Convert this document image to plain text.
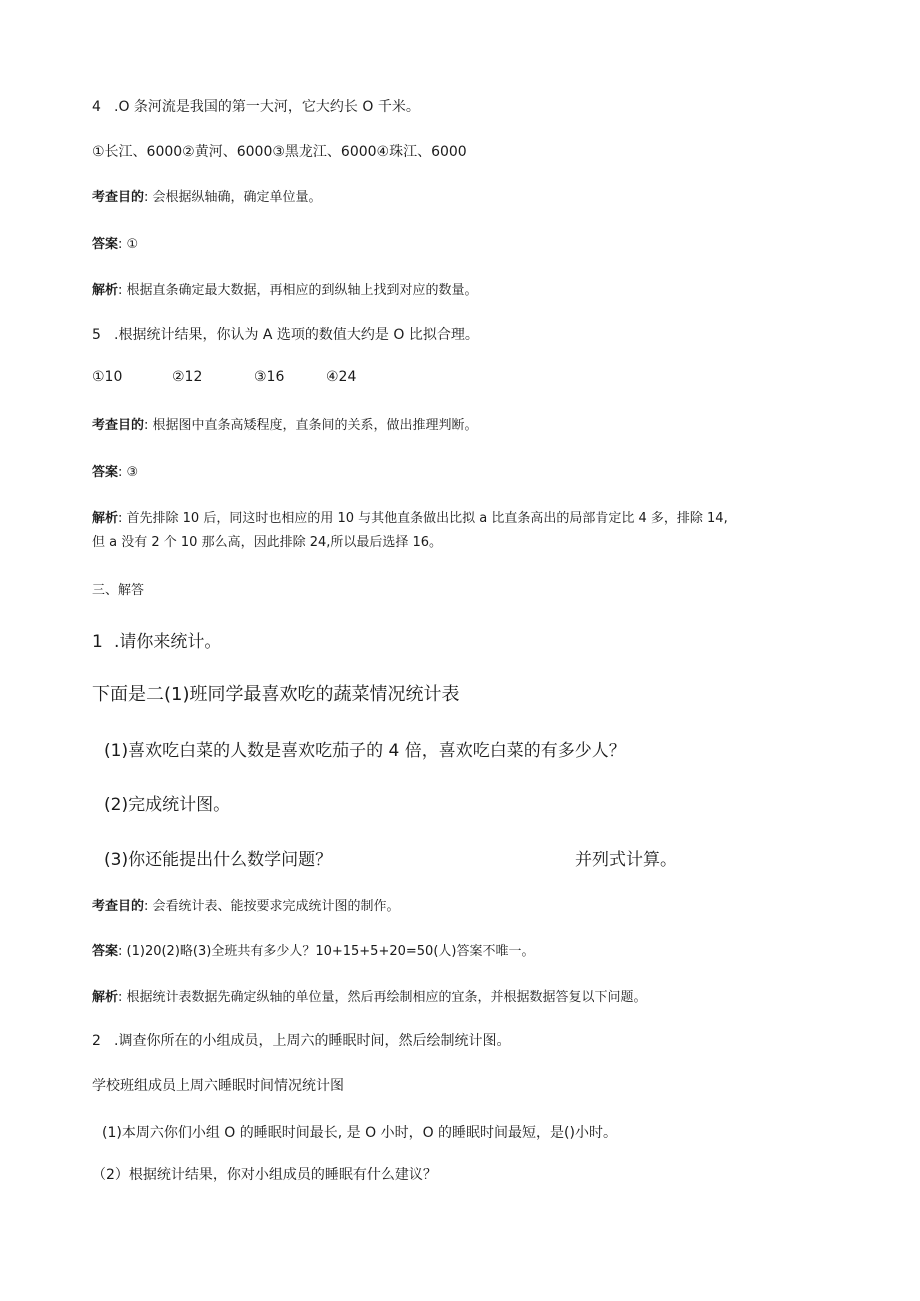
4 .O 条河流是我国的第一大河，它大约长 O 千米。
①长江、6000②黄河、6000③黑龙江、6000④珠江、6000
考查目的: 会根据纵轴确，确定单位量。
答案: ①
解析: 根据直条确定最大数据，再相应的到纵轴上找到对应的数量。
5 .根据统计结果，你认为 A 选项的数值大约是 O 比拟合理。
①10	②12	③16	④24
考查目的: 根据图中直条高矮程度，直条间的关系，做出推理判断。
答案: ③
解析: 首先排除 10 后，同这时也相应的用 10 与其他直条做出比拟 a 比直条高出的局部肯定比 4 多，排除 14,
但 a 没有 2 个 10 那么高，因此排除 24,所以最后选择 16。
三、解答
1 .请你来统计。
下面是二(1)班同学最喜欢吃的蔬菜情况统计表
(1)喜欢吃白菜的人数是喜欢吃茄子的 4 倍，喜欢吃白菜的有多少人？
(2)完成统计图。
(3)你还能提出什么数学问题？	并列式计算。
考查目的: 会看统计表、能按要求完成统计图的制作。
答案: (1)20(2)略(3)全班共有多少人？10+15+5+20=50(人)答案不唯一。
解析: 根据统计表数据先确定纵轴的单位量，然后再绘制相应的宜条，并根据数据答复以下问题。
2 .调查你所在的小组成员，上周六的睡眠时间，然后绘制统计图。
学校班组成员上周六睡眠时间情况统计图
(1)本周六你们小组 O 的睡眠时间最长, 是 O 小时，O 的睡眠时间最短，是()小时。
（2）根据统计结果，你对小组成员的睡眠有什么建议？
